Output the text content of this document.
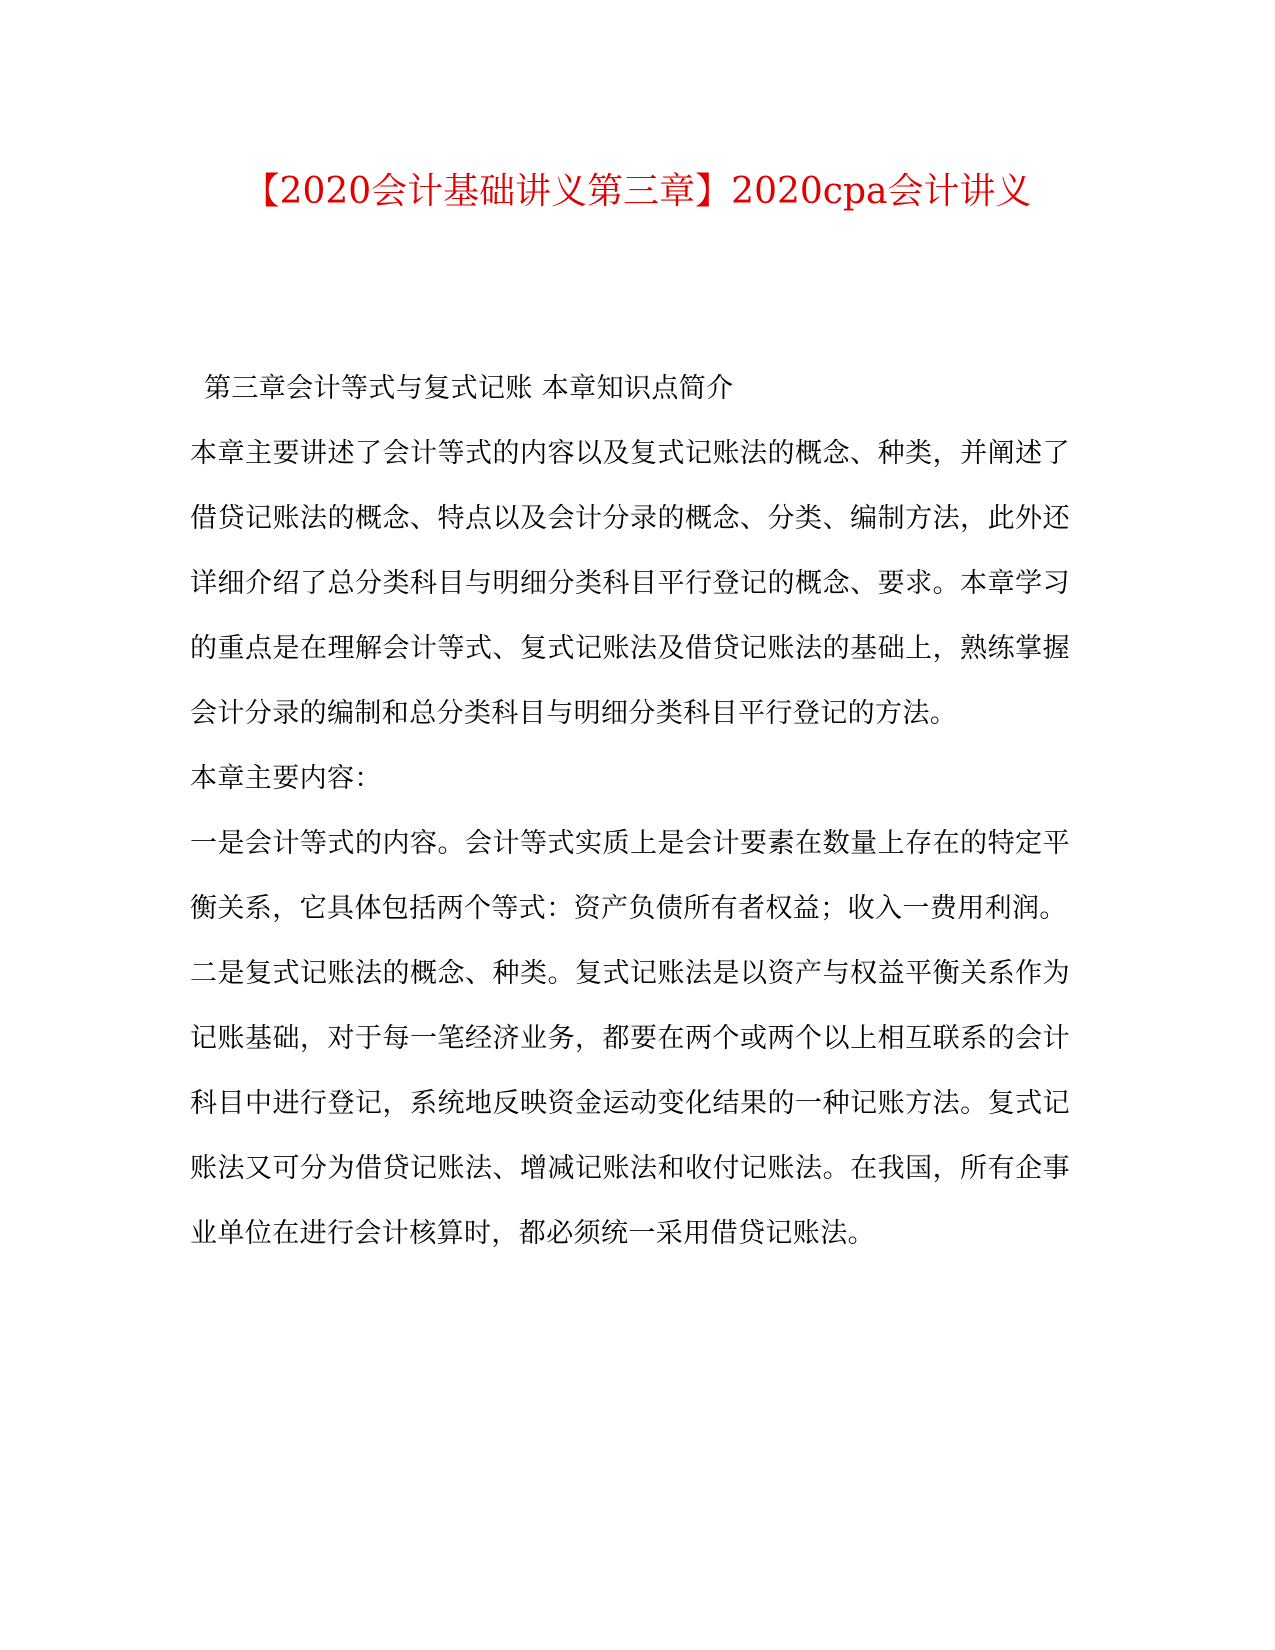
【2020会计基础讲义第三章】2020cpa会计讲义

第三章会计等式与复式记账 本章知识点简介

本章主要讲述了会计等式的内容以及复式记账法的概念、种类，并阐述了借贷记账法的概念、特点以及会计分录的概念、分类、编制方法，此外还详细介绍了总分类科目与明细分类科目平行登记的概念、要求。本章学习的重点是在理解会计等式、复式记账法及借贷记账法的基础上，熟练掌握会计分录的编制和总分类科目与明细分类科目平行登记的方法。

本章主要内容：

一是会计等式的内容。会计等式实质上是会计要素在数量上存在的特定平衡关系，它具体包括两个等式：资产负债所有者权益；收入一费用利润。

二是复式记账法的概念、种类。复式记账法是以资产与权益平衡关系作为记账基础，对于每一笔经济业务，都要在两个或两个以上相互联系的会计科目中进行登记，系统地反映资金运动变化结果的一种记账方法。复式记账法又可分为借贷记账法、增减记账法和收付记账法。在我国，所有企事业单位在进行会计核算时，都必须统一采用借贷记账法。
